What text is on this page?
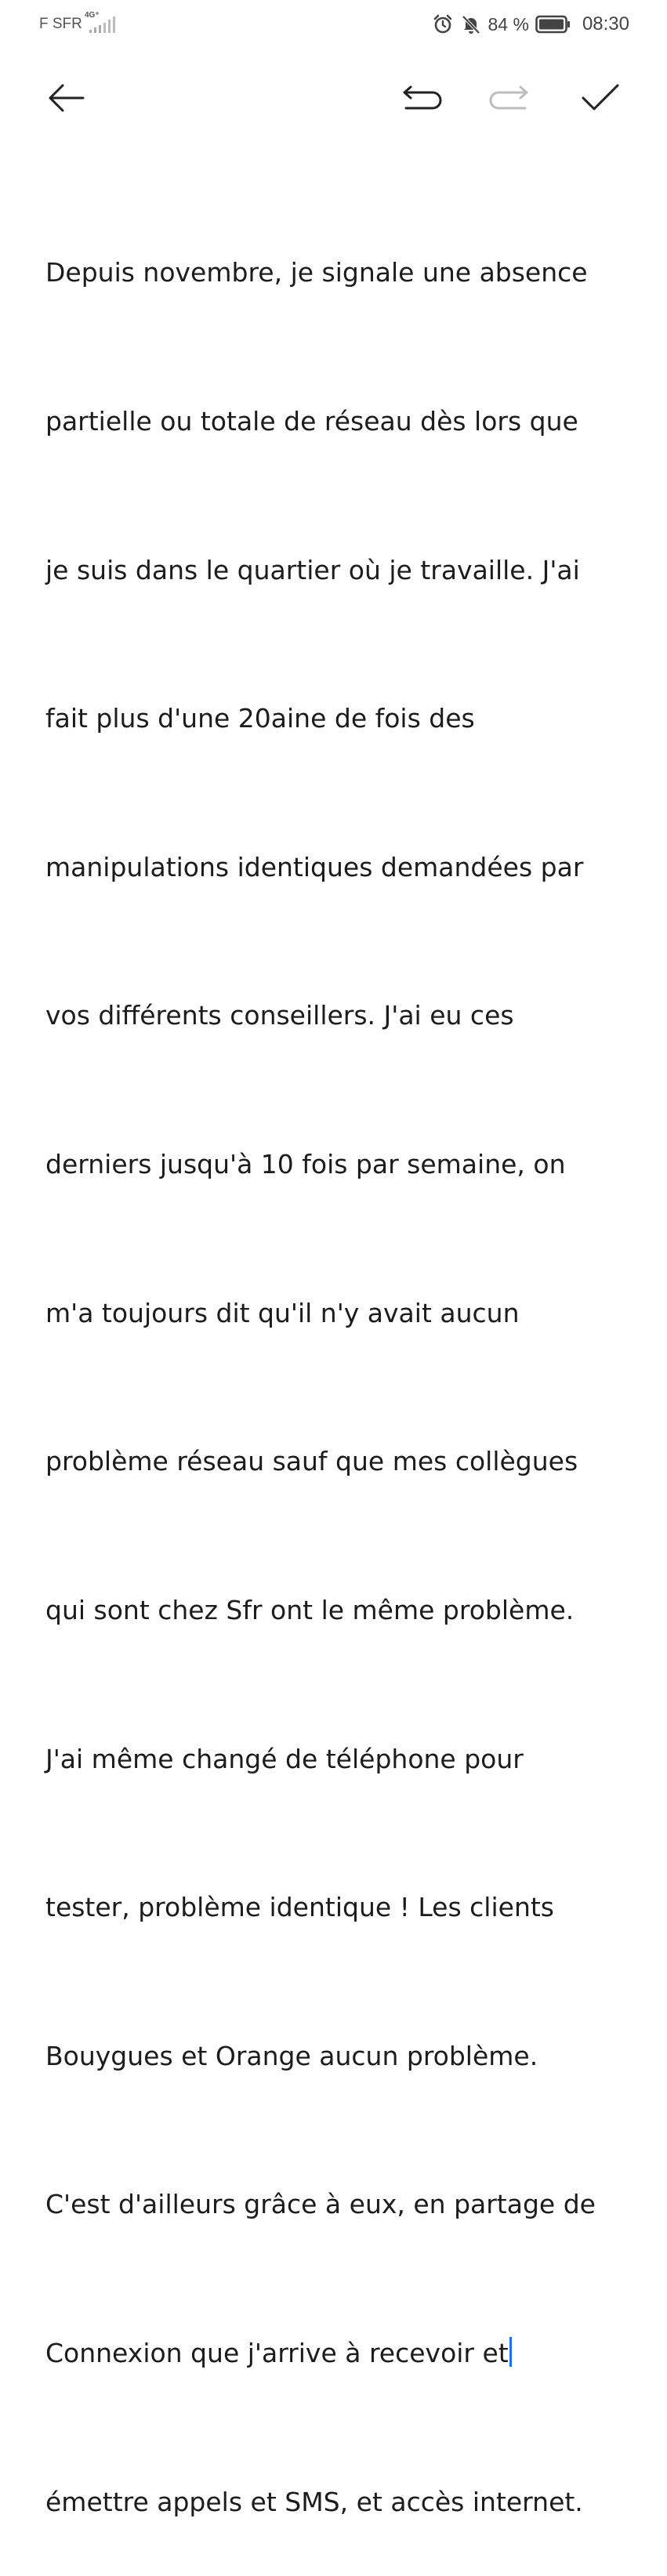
F SFR
4G⁺	84 %	08:30

Depuis novembre, je signale une absence

partielle ou totale de réseau dès lors que

je suis dans le quartier où je travaille. J'ai

fait plus d'une 20aine de fois des

manipulations identiques demandées par

vos différents conseillers. J'ai eu ces

derniers jusqu'à 10 fois par semaine, on

m'a toujours dit qu'il n'y avait aucun

problème réseau sauf que mes collègues

qui sont chez Sfr ont le même problème.

J'ai même changé de téléphone pour

tester, problème identique ! Les clients

Bouygues et Orange aucun problème.

C'est d'ailleurs grâce à eux, en partage de

Connexion que j'arrive à recevoir et

émettre appels et SMS, et accès internet.
